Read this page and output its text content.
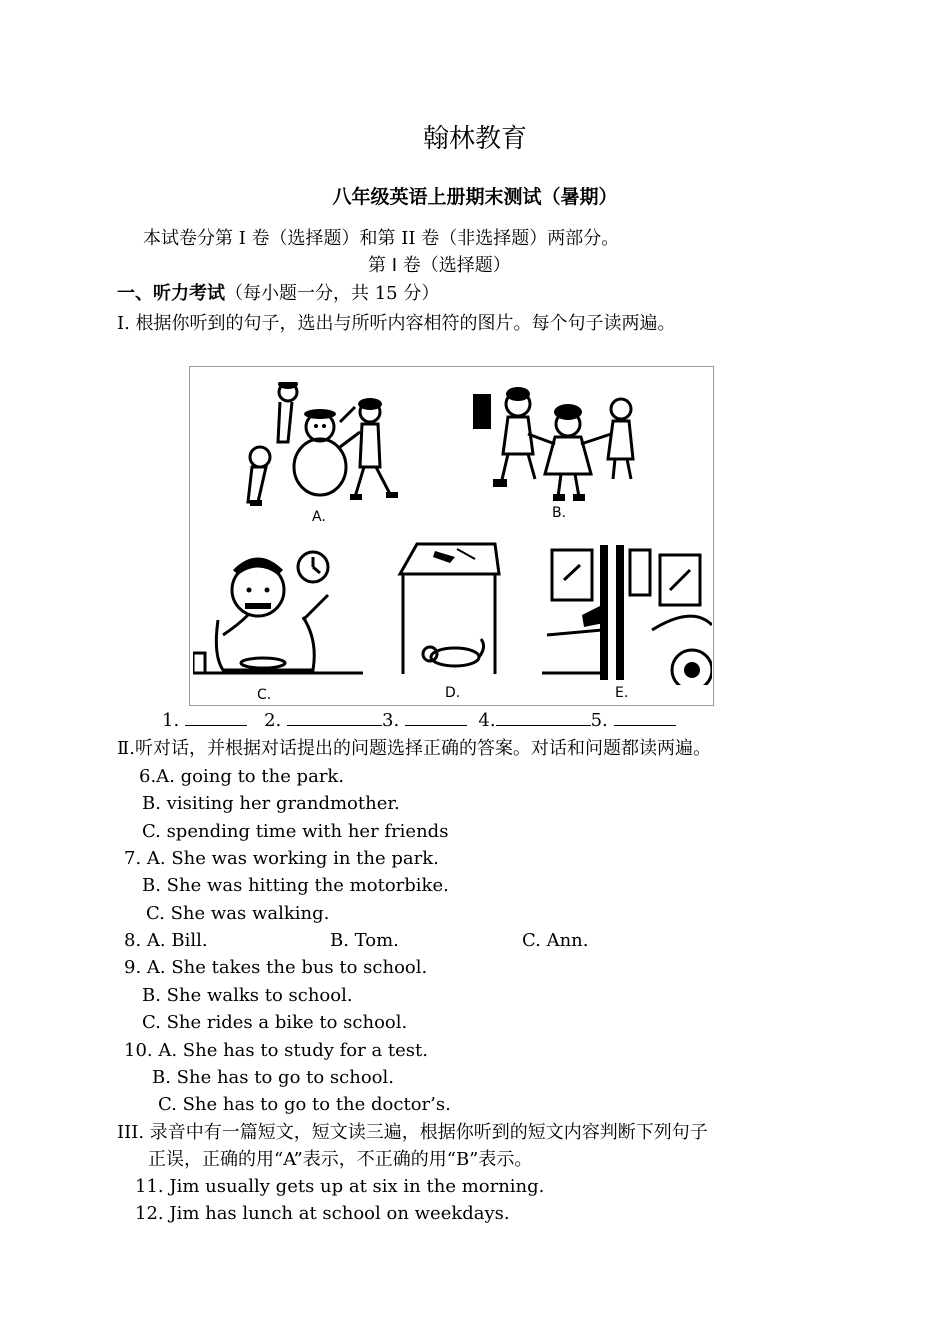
翰林教育
八年级英语上册期末测试（暑期）
本试卷分第 I 卷（选择题）和第 II 卷（非选择题）两部分。
第 I 卷（选择题）
一、听力考试（每小题一分，共 15 分）
Ⅰ. 根据你听到的句子，选出与所听内容相符的图片。每个句子读两遍。
A.	B.
C.	D.	E.
1.	2.	3.	4.	5.
Ⅱ.听对话，并根据对话提出的问题选择正确的答案。对话和问题都读两遍。
6.A. going to the park.
B. visiting her grandmother.
C. spending time with her friends
7. A. She was working in the park.
B. She was hitting the motorbike.
C. She was walking.
8. A. Bill.	B. Tom.	C. Ann.
9. A. She takes the bus to school.
B. She walks to school.
C. She rides a bike to school.
10. A. She has to study for a test.
B. She has to go to school.
C. She has to go to the doctor’s.
III. 录音中有一篇短文，短文读三遍，根据你听到的短文内容判断下列句子
正误，正确的用“A”表示，不正确的用“B”表示。
11. Jim usually gets up at six in the morning.
12. Jim has lunch at school on weekdays.
